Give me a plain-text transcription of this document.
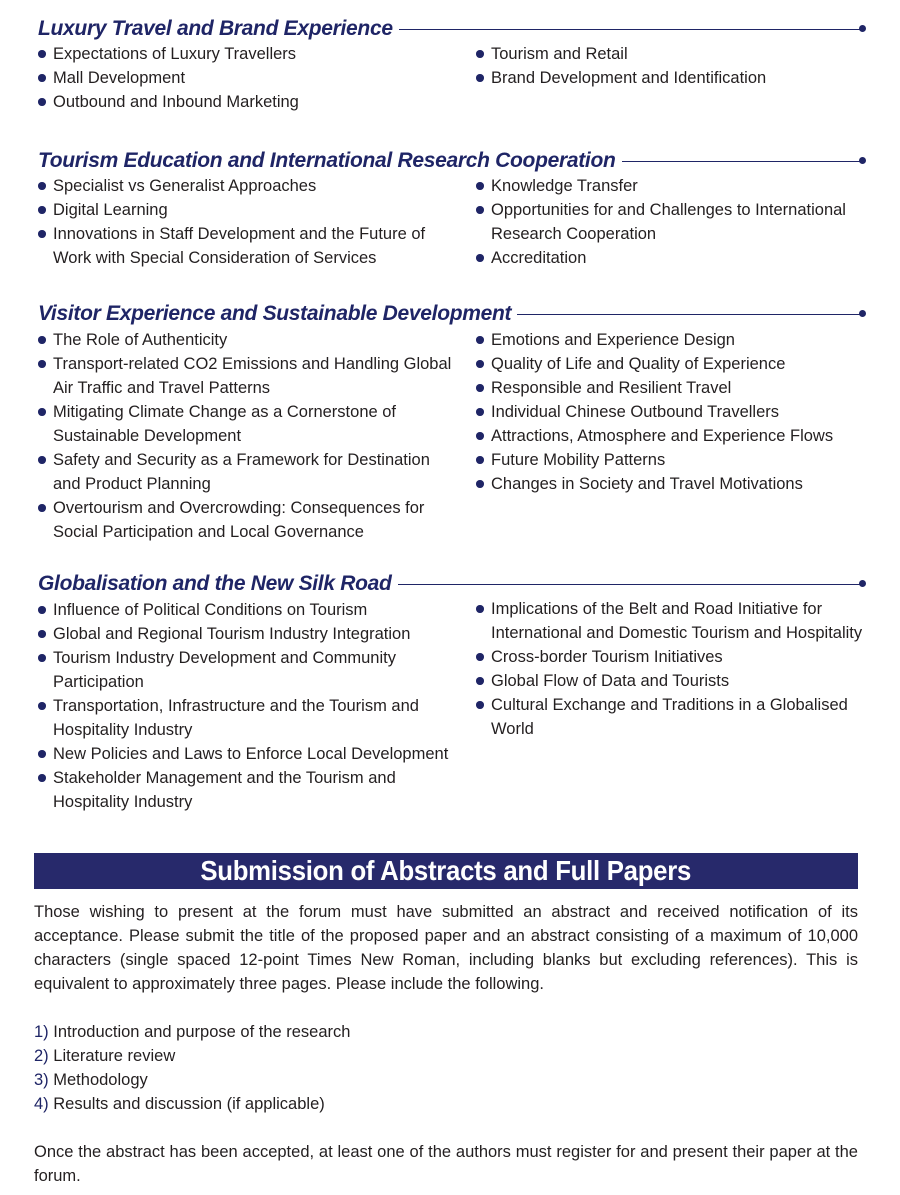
Luxury Travel and Brand Experience
Expectations of Luxury Travellers
Mall Development
Outbound and Inbound Marketing
Tourism and Retail
Brand Development and Identification
Tourism Education and International Research Cooperation
Specialist vs Generalist Approaches
Digital Learning
Innovations in Staff Development and the Future of Work with Special Consideration of Services
Knowledge Transfer
Opportunities for and Challenges to International Research Cooperation
Accreditation
Visitor Experience and Sustainable Development
The Role of Authenticity
Transport-related CO2 Emissions and Handling Global Air Traffic and Travel Patterns
Mitigating Climate Change as a Cornerstone of Sustainable Development
Safety and Security as a Framework for Destination and Product Planning
Overtourism and Overcrowding: Consequences for Social Participation and Local Governance
Emotions and Experience Design
Quality of Life and Quality of Experience
Responsible and Resilient Travel
Individual Chinese Outbound Travellers
Attractions, Atmosphere and Experience Flows
Future Mobility Patterns
Changes in Society and Travel Motivations
Globalisation and the New Silk Road
Influence of Political Conditions on Tourism
Global and Regional Tourism Industry Integration
Tourism Industry Development and Community Participation
Transportation, Infrastructure and the Tourism and Hospitality Industry
New Policies and Laws to Enforce Local Development
Stakeholder Management and the Tourism and Hospitality Industry
Implications of the Belt and Road Initiative for International and Domestic Tourism and Hospitality
Cross-border Tourism Initiatives
Global Flow of Data and Tourists
Cultural Exchange and Traditions in a Globalised World
Submission of Abstracts and Full Papers

Those wishing to present at the forum must have submitted an abstract and received notification of its acceptance. Please submit the title of the proposed paper and an abstract consisting of a maximum of 10,000 characters (single spaced 12-point Times New Roman, including blanks but excluding references). This is equivalent to approximately three pages. Please include the following.

1) Introduction and purpose of the research
2) Literature review
3) Methodology
4) Results and discussion (if applicable)

Once the abstract has been accepted, at least one of the authors must register for and present their paper at the forum.
